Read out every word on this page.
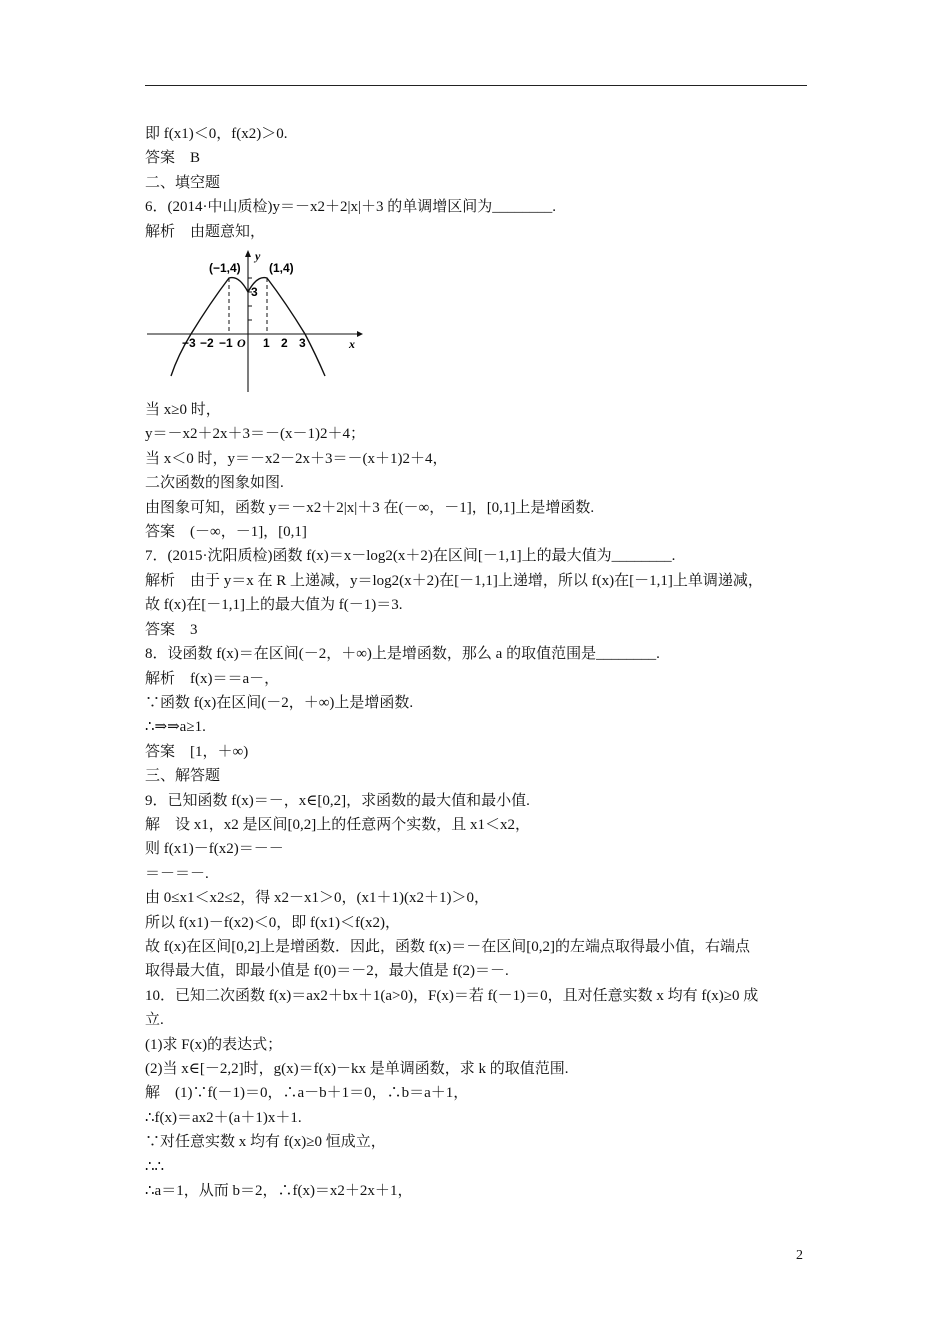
即 f(x1)＜0，f(x2)＞0.

答案　B

二、填空题

6．(2014·中山质检)y＝－x2＋2|x|＋3 的单调增区间为________.

解析　由题意知，

(−1,4) (1,4)
y
x
3
O
−3 −2 −1	1 2 3

当 x≥0 时，

y＝－x2＋2x＋3＝－(x－1)2＋4；

当 x＜0 时，y＝－x2－2x＋3＝－(x＋1)2＋4，

二次函数的图象如图.

由图象可知，函数 y＝－x2＋2|x|＋3 在(－∞，－1]，[0,1]上是增函数.

答案　(－∞，－1]，[0,1]

7．(2015·沈阳质检)函数 f(x)＝x－log2(x＋2)在区间[－1,1]上的最大值为________.

解析　由于 y＝x 在 R 上递减，y＝log2(x＋2)在[－1,1]上递增，所以 f(x)在[－1,1]上单调递减，

故 f(x)在[－1,1]上的最大值为 f(－1)＝3.

答案　3

8．设函数 f(x)＝在区间(－2，＋∞)上是增函数，那么 a 的取值范围是________.

解析　f(x)＝＝a－，

∵函数 f(x)在区间(－2，＋∞)上是增函数.

∴⇒⇒a≥1.

答案　[1，＋∞)

三、解答题

9．已知函数 f(x)＝－，x∈[0,2]，求函数的最大值和最小值.

解　设 x1，x2 是区间[0,2]上的任意两个实数，且 x1＜x2，

则 f(x1)－f(x2)＝－－

＝－＝－.

由 0≤x1＜x2≤2，得 x2－x1＞0，(x1＋1)(x2＋1)＞0，

所以 f(x1)－f(x2)＜0，即 f(x1)＜f(x2)，

故 f(x)在区间[0,2]上是增函数．因此，函数 f(x)＝－在区间[0,2]的左端点取得最小值，右端点

取得最大值，即最小值是 f(0)＝－2，最大值是 f(2)＝－.

10．已知二次函数 f(x)＝ax2＋bx＋1(a>0)，F(x)＝若 f(－1)＝0，且对任意实数 x 均有 f(x)≥0 成

立.

(1)求 F(x)的表达式；

(2)当 x∈[－2,2]时，g(x)＝f(x)－kx 是单调函数，求 k 的取值范围.

解　(1)∵f(－1)＝0，∴a－b＋1＝0，∴b＝a＋1，

∴f(x)＝ax2＋(a＋1)x＋1.

∵对任意实数 x 均有 f(x)≥0 恒成立，

∴∴

∴a＝1，从而 b＝2，∴f(x)＝x2＋2x＋1，

2
